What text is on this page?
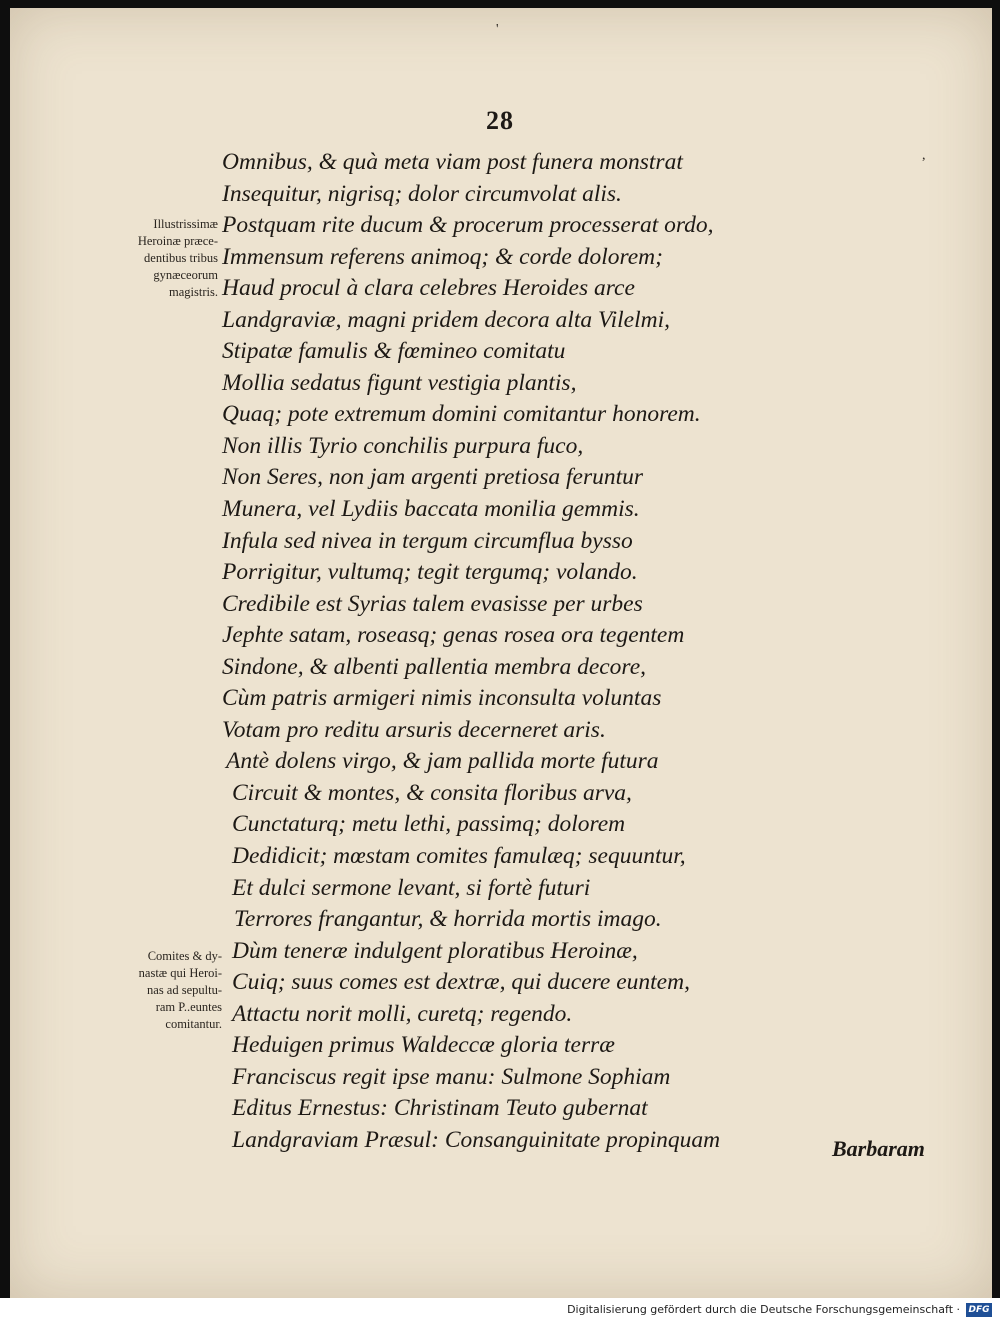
'
,
28
Omnibus, & quà meta viam post funera monstrat
Insequitur, nigrisq; dolor circumvolat alis.
Postquam rite ducum & procerum processerat ordo,
Immensum referens animoq; & corde dolorem;
Haud procul à clara celebres Heroides arce
Landgraviæ, magni pridem decora alta Vilelmi,
Stipatæ famulis & fœmineo comitatu
Mollia sedatus figunt vestigia plantis,
Quaq; pote extremum domini comitantur honorem.
Non illis Tyrio conchilis purpura fuco,
Non Seres, non jam argenti pretiosa feruntur
Munera, vel Lydiis baccata monilia gemmis.
Infula sed nivea in tergum circumflua bysso
Porrigitur, vultumq; tegit tergumq; volando.
Credibile est Syrias talem evasisse per urbes
Jephte satam, roseasq; genas rosea ora tegentem
Sindone, & albenti pallentia membra decore,
Cùm patris armigeri nimis inconsulta voluntas
Votam pro reditu arsuris decerneret aris.
Antè dolens virgo, & jam pallida morte futura
Circuit & montes, & consita floribus arva,
Cunctaturq; metu lethi, passimq; dolorem
Dedidicit; mœstam comites famulæq; sequuntur,
Et dulci sermone levant, si fortè futuri
Terrores frangantur, & horrida mortis imago.
Dùm teneræ indulgent ploratibus Heroinæ,
Cuiq; suus comes est dextræ, qui ducere euntem,
Attactu norit molli, curetq; regendo.
Heduigen primus Waldeccæ gloria terræ
Franciscus regit ipse manu: Sulmone Sophiam
Editus Ernestus: Christinam Teuto gubernat
Landgraviam Præsul: Consanguinitate propinquam
Illustrissimæ
Heroinæ præce-
dentibus tribus
gynæceorum
magistris.
Comites & dy-
nastæ qui Heroi-
nas ad sepultu-
ram P..euntes
comitantur.
Barbaram
Digitalisierung gefördert durch die Deutsche Forschungsgemeinschaft · DFG
